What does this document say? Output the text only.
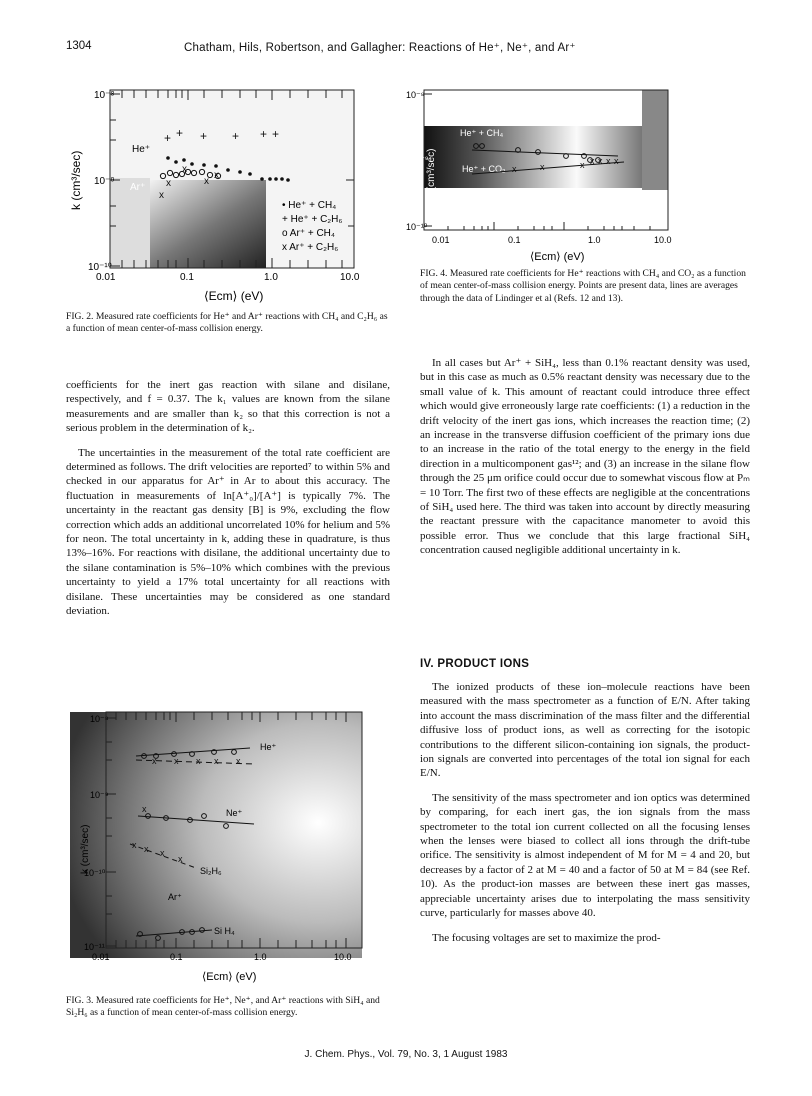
1304	Chatham, Hils, Robertson, and Gallagher: Reactions of He⁺, Ne⁺, and Ar⁺
10⁻⁸
10⁻⁹
10⁻¹⁰
0.01	0.1	1.0	10.0
⟨Ecm⟩ (eV)
k (cm³/sec)
He⁺
Ar⁺
+ + + + + +
x
x
x
x
x
• He⁺ + CH₄
+ He⁺ + C₂H₆
o Ar⁺ + CH₄
x Ar⁺ + C₂H₆
FIG. 2. Measured rate coefficients for He⁺ and Ar⁺ reactions with CH₄ and C₂H₆ as a function of mean center-of-mass collision energy.
10⁻⁸
10⁻⁹
10⁻¹⁰
0.01	0.1	1.0	10.0
⟨Ecm⟩ (eV)
k (cm³/sec)
He⁺ + CH₄
He⁺ + CO₂ x	x	x x x x x
FIG. 4. Measured rate coefficients for He⁺ reactions with CH₄ and CO₂ as a function of mean center-of-mass collision energy. Points are present data, lines are averages through the data of Lindinger et al (Refs. 12 and 13).

coefficients for the inert gas reaction with silane and disilane, respectively, and f = 0.37. The k₁ values are known from the silane measurements and are smaller than k₂ so that this correction is not a serious problem in the determination of k₂.

The uncertainties in the measurement of the total rate coefficient are determined as follows. The drift velocities are reported⁷ to within 5% and checked in our apparatus for Ar⁺ in Ar to about this accuracy. The fluctuation in measurements of ln[A⁺₀]/[A⁺] is typically 7%. The uncertainty in the reactant gas density [B] is 9%, excluding the flow correction which adds an additional uncorrelated 10% for helium and 5% for neon. The total uncertainty in k, adding these in quadrature, is thus 13%–16%. For reactions with disilane, the additional uncertainty due to the silane contamination is 5%–10% which combines with the previous uncertainty to yield a 17% total uncertainty for all reactions with disilane. These uncertainties may be considered as one standard deviation.

10⁻⁸
10⁻⁹
10⁻¹⁰
10⁻¹¹
0.01	0.1	1.0	10.0
⟨Ecm⟩ (eV)
k (cm³/sec)
He⁺
Ne⁺
Si₂H₆
Ar⁺
Si H₄
x x x x x
x
x x x
x
FIG. 3. Measured rate coefficients for He⁺, Ne⁺, and Ar⁺ reactions with SiH₄ and Si₂H₆ as a function of mean center-of-mass collision energy.

In all cases but Ar⁺ + SiH₄, less than 0.1% reactant density was used, but in this case as much as 0.5% reactant density was necessary due to the small value of k. This amount of reactant could introduce three effect which would give erroneously large rate coefficients: (1) a reduction in the drift velocity of the inert gas ions, which increases the reaction time; (2) an increase in the transverse diffusion coefficient of the primary ions due to an increase in the ratio of the total energy to the energy in the field direction in a multicomponent gas¹²; and (3) an increase in the silane flow through the 25 μm orifice could occur due to somewhat viscous flow at Pₘ = 10 Torr. The first two of these effects are negligible at the concentrations of SiH₄ used here. The third was taken into account by directly measuring the reactant pressure with the capacitance manometer to avoid this possible error. Thus we conclude that this large fractional SiH₄ concentration caused negligible additional uncertainty in k.

IV. PRODUCT IONS

The ionized products of these ion–molecule reactions have been measured with the mass spectrometer as a function of E/N. After taking into account the mass discrimination of the mass filter and the differential diffusive loss of product ions, as well as correcting for the isotopic contributions to the different silicon-containing ion signals, the product-ion signals are converted into percentages of the total ion signal for each E/N.

The sensitivity of the mass spectrometer and ion optics was determined by comparing, for each inert gas, the ion signals from the mass spectrometer to the total ion current collected on all the focusing lenses when the lenses were biased to collect all ions through the drift-tube orifice. The sensitivity is almost independent of M for M = 4 and 20, but decreases by a factor of 2 at M = 40 and a factor of 50 at M = 84 (see Ref. 10). As the product-ion masses are between these inert gas masses, appreciable uncertainty arises due to interpolating the mass sensitivity curve, particularly for masses above 40.

The focusing voltages are set to maximize the prod-

J. Chem. Phys., Vol. 79, No. 3, 1 August 1983
